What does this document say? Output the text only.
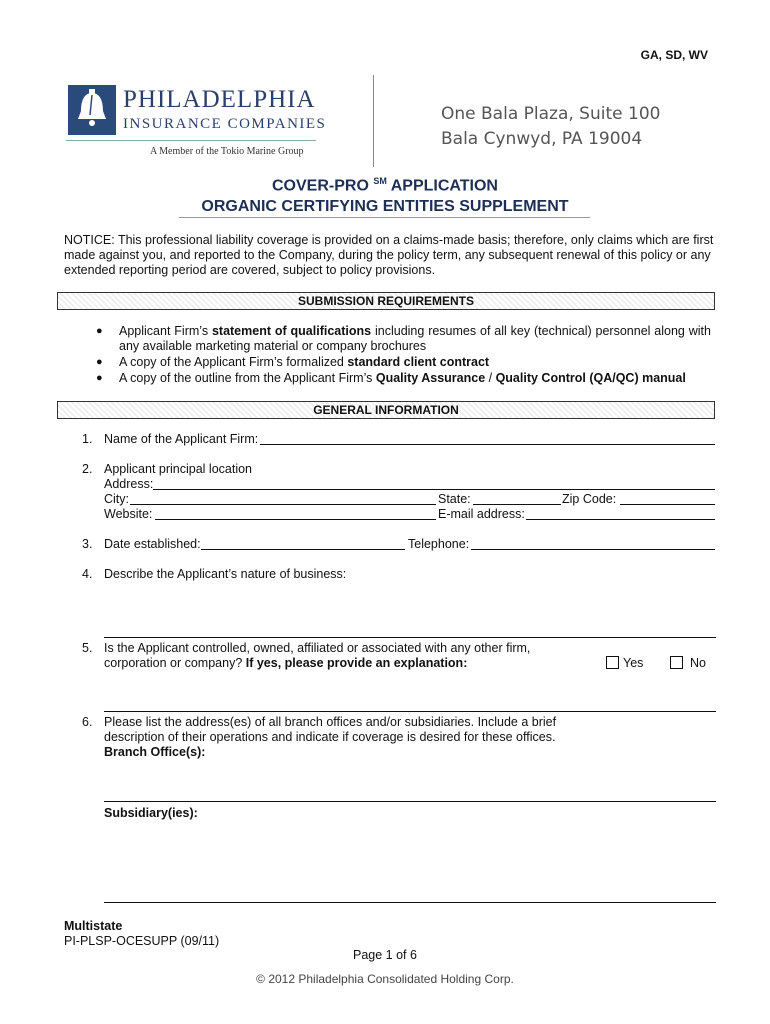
GA, SD, WV
PHILADELPHIA
INSURANCE COMPANIES
A Member of the Tokio Marine Group
One Bala Plaza, Suite 100
Bala Cynwyd, PA 19004
COVER-PRO ℠ APPLICATION
ORGANIC CERTIFYING ENTITIES SUPPLEMENT
NOTICE: This professional liability coverage is provided on a claims-made basis; therefore, only claims which are first made against you, and reported to the Company, during the policy term, any subsequent renewal of this policy or any extended reporting period are covered, subject to policy provisions.
SUBMISSION REQUIREMENTS
● Applicant Firm’s statement of qualifications including resumes of all key (technical) personnel along with any available marketing material or company brochures
● A copy of the Applicant Firm’s formalized standard client contract
● A copy of the outline from the Applicant Firm’s Quality Assurance / Quality Control (QA/QC) manual
GENERAL INFORMATION
1. Name of the Applicant Firm:
2. Applicant principal location
Address:
City:	State:	Zip Code:
Website:	E-mail address:
3. Date established:	Telephone:
4. Describe the Applicant’s nature of business:
5. Is the Applicant controlled, owned, affiliated or associated with any other firm,
corporation or company? If yes, please provide an explanation:	Yes	No
6. Please list the address(es) of all branch offices and/or subsidiaries. Include a brief
description of their operations and indicate if coverage is desired for these offices.
Branch Office(s):
Subsidiary(ies):
Multistate
PI-PLSP-OCESUPP (09/11)
Page 1 of 6
© 2012 Philadelphia Consolidated Holding Corp.
